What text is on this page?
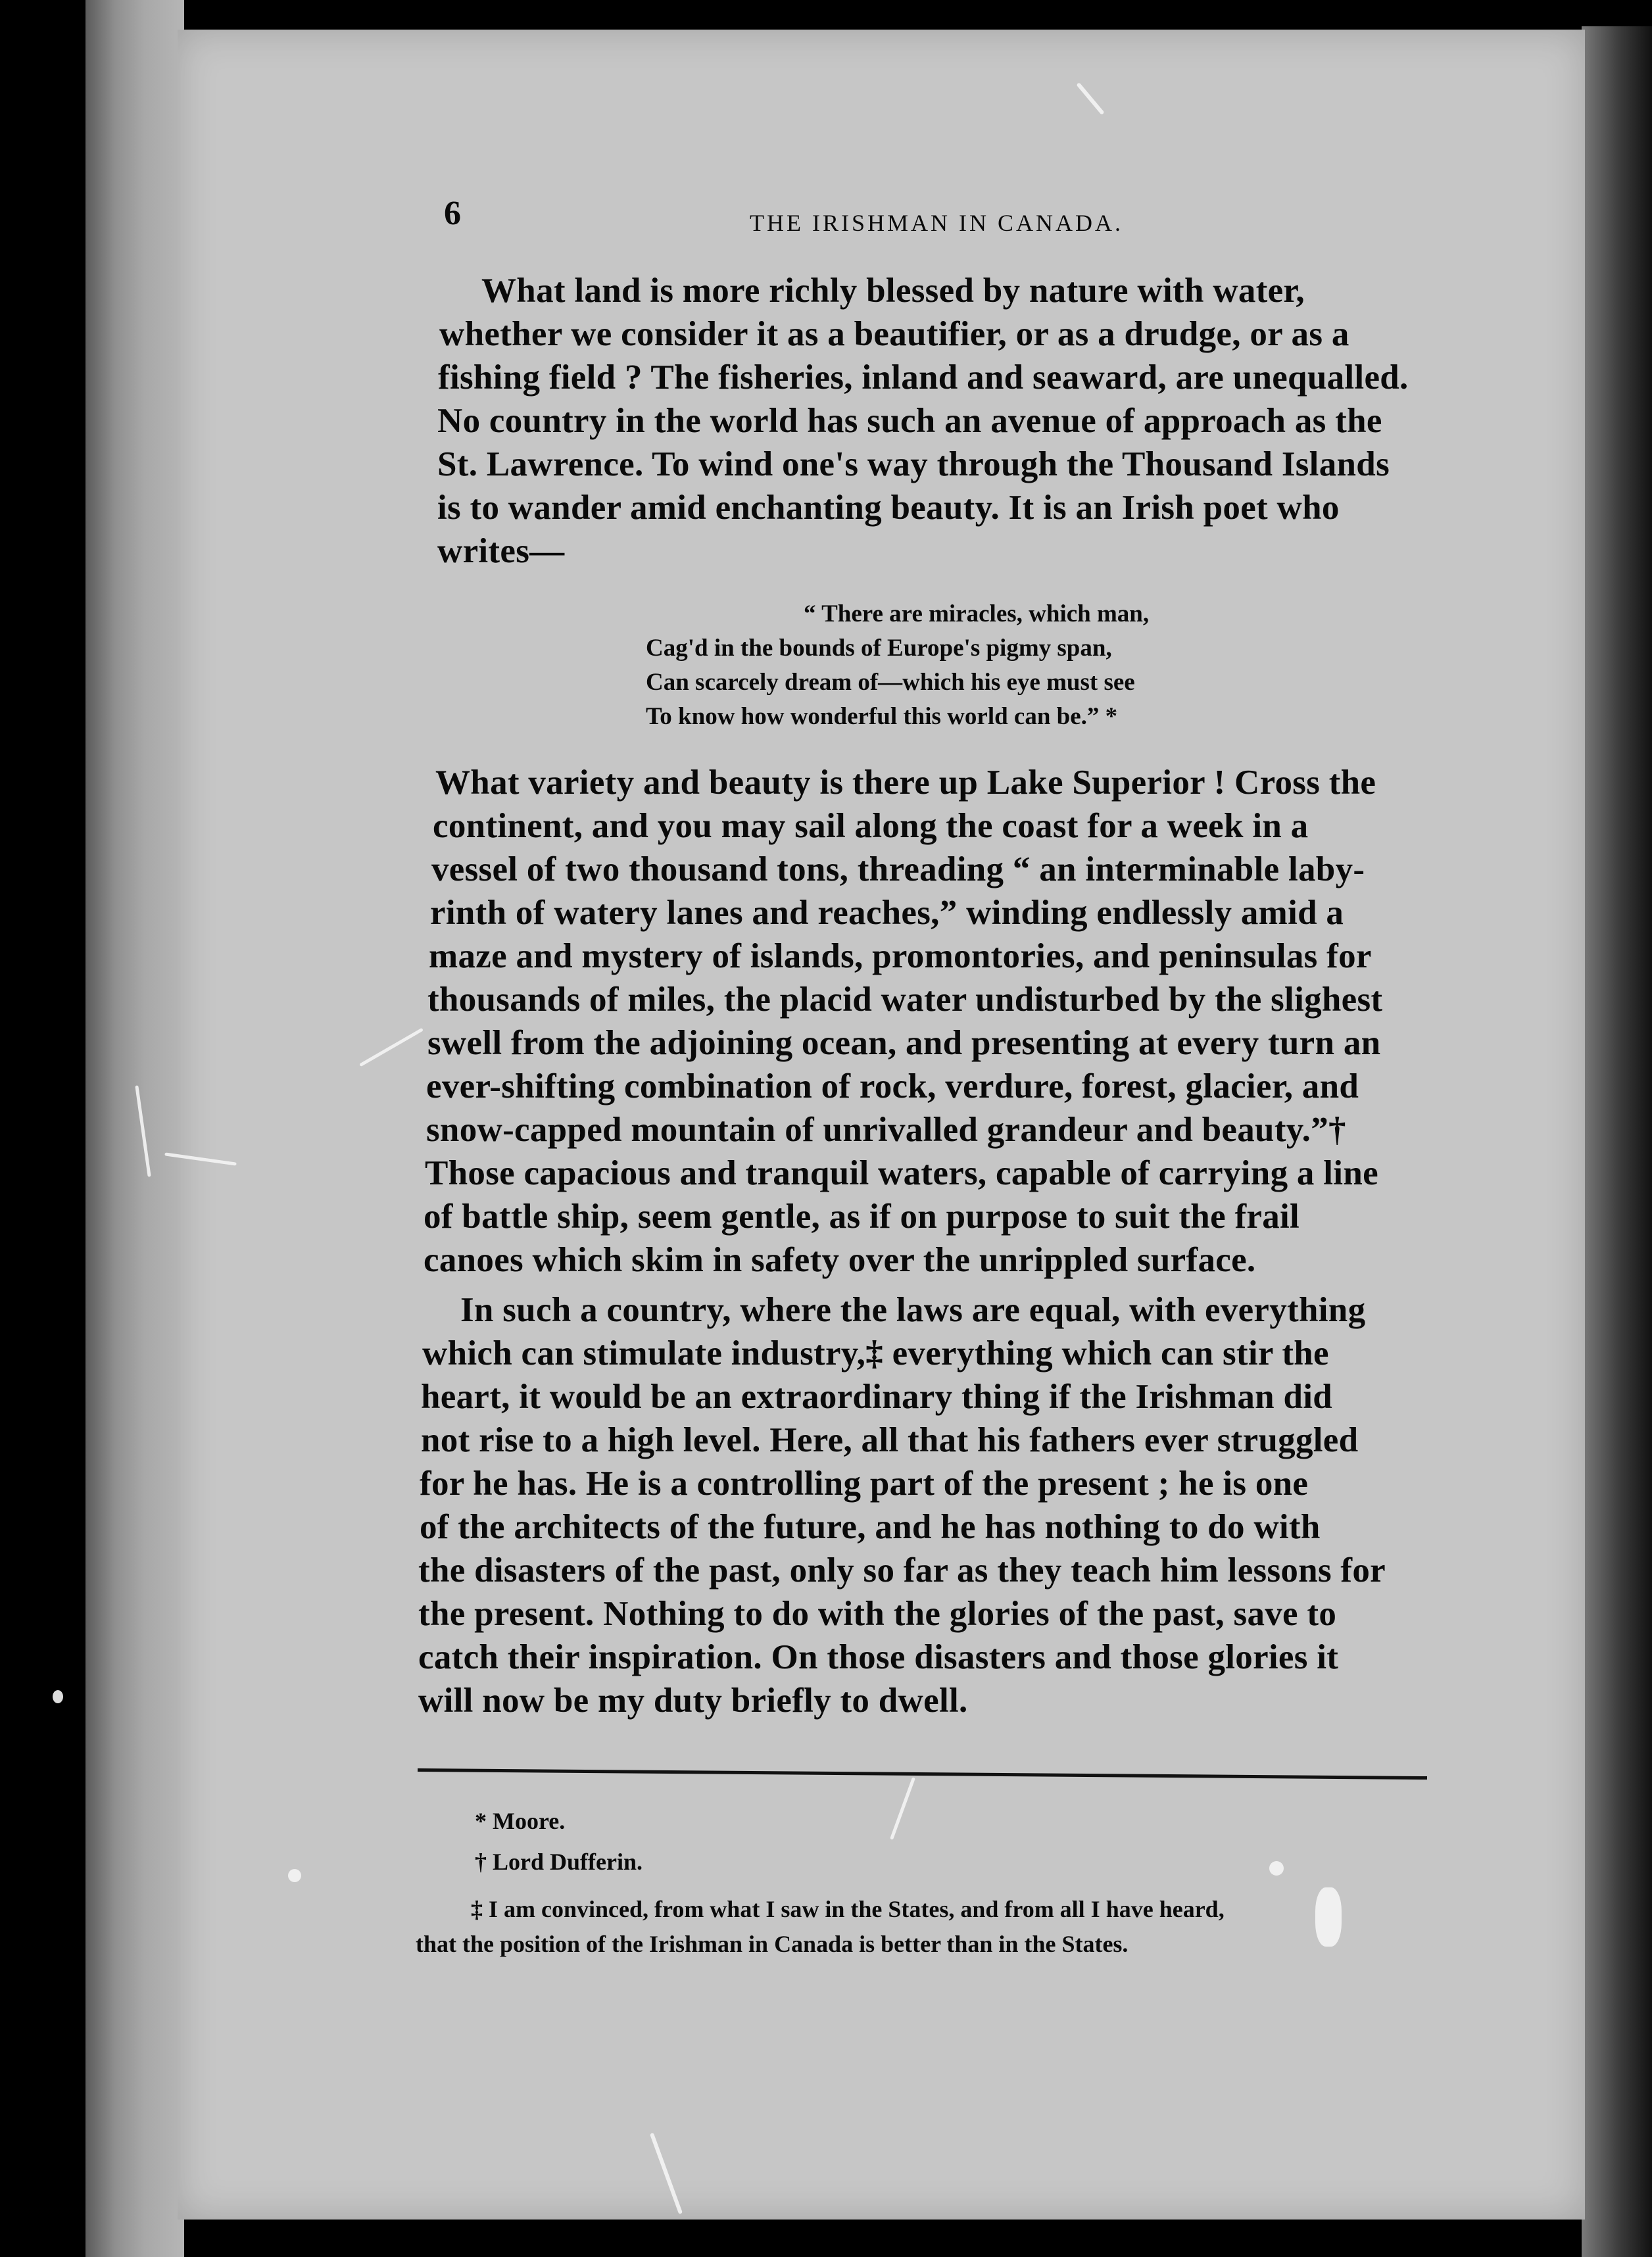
6	THE IRISHMAN IN CANADA.
What land is more richly blessed by nature with water,
whether we consider it as a beautifier, or as a drudge, or as a
fishing field ? The fisheries, inland and seaward, are unequalled.
No country in the world has such an avenue of approach as the
St. Lawrence. To wind one's way through the Thousand Islands
is to wander amid enchanting beauty. It is an Irish poet who
writes—
“ There are miracles, which man,
Cag'd in the bounds of Europe's pigmy span,
Can scarcely dream of—which his eye must see
To know how wonderful this world can be.” *
What variety and beauty is there up Lake Superior ! Cross the
continent, and you may sail along the coast for a week in a
vessel of two thousand tons, threading “ an interminable laby-
rinth of watery lanes and reaches,” winding endlessly amid a
maze and mystery of islands, promontories, and peninsulas for
thousands of miles, the placid water undisturbed by the slighest
swell from the adjoining ocean, and presenting at every turn an
ever-shifting combination of rock, verdure, forest, glacier, and
snow-capped mountain of unrivalled grandeur and beauty.”†
Those capacious and tranquil waters, capable of carrying a line
of battle ship, seem gentle, as if on purpose to suit the frail
canoes which skim in safety over the unrippled surface.
In such a country, where the laws are equal, with everything
which can stimulate industry,‡ everything which can stir the
heart, it would be an extraordinary thing if the Irishman did
not rise to a high level. Here, all that his fathers ever struggled
for he has. He is a controlling part of the present ; he is one
of the architects of the future, and he has nothing to do with
the disasters of the past, only so far as they teach him lessons for
the present. Nothing to do with the glories of the past, save to
catch their inspiration. On those disasters and those glories it
will now be my duty briefly to dwell.
* Moore.
† Lord Dufferin.
‡ I am convinced, from what I saw in the States, and from all I have heard,
that the position of the Irishman in Canada is better than in the States.
